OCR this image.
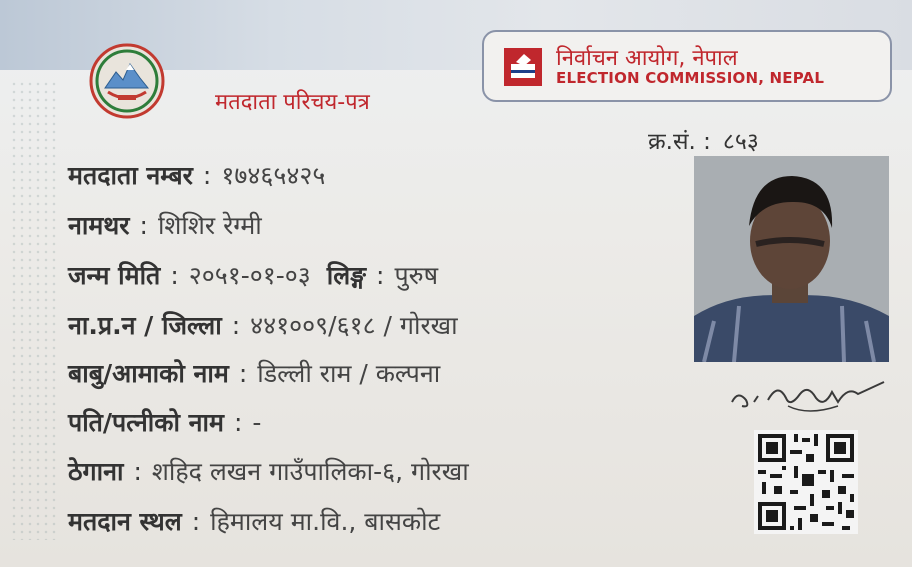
मतदाता परिचय-पत्र
निर्वाचन आयोग, नेपाल
ELECTION COMMISSION, NEPAL
क्र.सं. : ८५३
मतदाता नम्बर : १७४६५४२५
नामथर : शिशिर रेग्मी
जन्म मिति : २०५१-०१-०३ लिङ्ग : पुरुष
ना.प्र.न / जिल्ला : ४४१००९/६१८ / गोरखा
बाबु/आमाको नाम : डिल्ली राम / कल्पना
पति/पत्नीको नाम : -
ठेगाना : शहिद लखन गाउँपालिका-६, गोरखा
मतदान स्थल : हिमालय मा.वि., बासकोट
